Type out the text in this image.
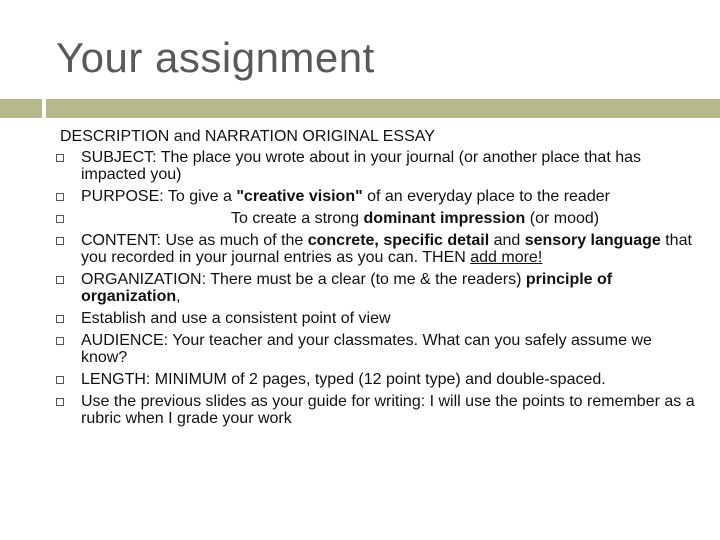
Your assignment
DESCRIPTION and NARRATION ORIGINAL ESSAY
SUBJECT: The place you wrote about in your journal (or another place that has impacted you)
PURPOSE: To give a "creative vision" of an everyday place to the reader
To create a strong dominant impression (or mood)
CONTENT: Use as much of the concrete, specific detail and sensory language that you recorded in your journal entries as you can. THEN add more!
ORGANIZATION: There must be a clear (to me & the readers) principle of organization,
Establish and use a consistent point of view
AUDIENCE: Your teacher and your classmates. What can you safely assume we know?
LENGTH: MINIMUM of 2 pages, typed (12 point type) and double-spaced.
Use the previous slides as your guide for writing: I will use the points to remember as a rubric when I grade your work
